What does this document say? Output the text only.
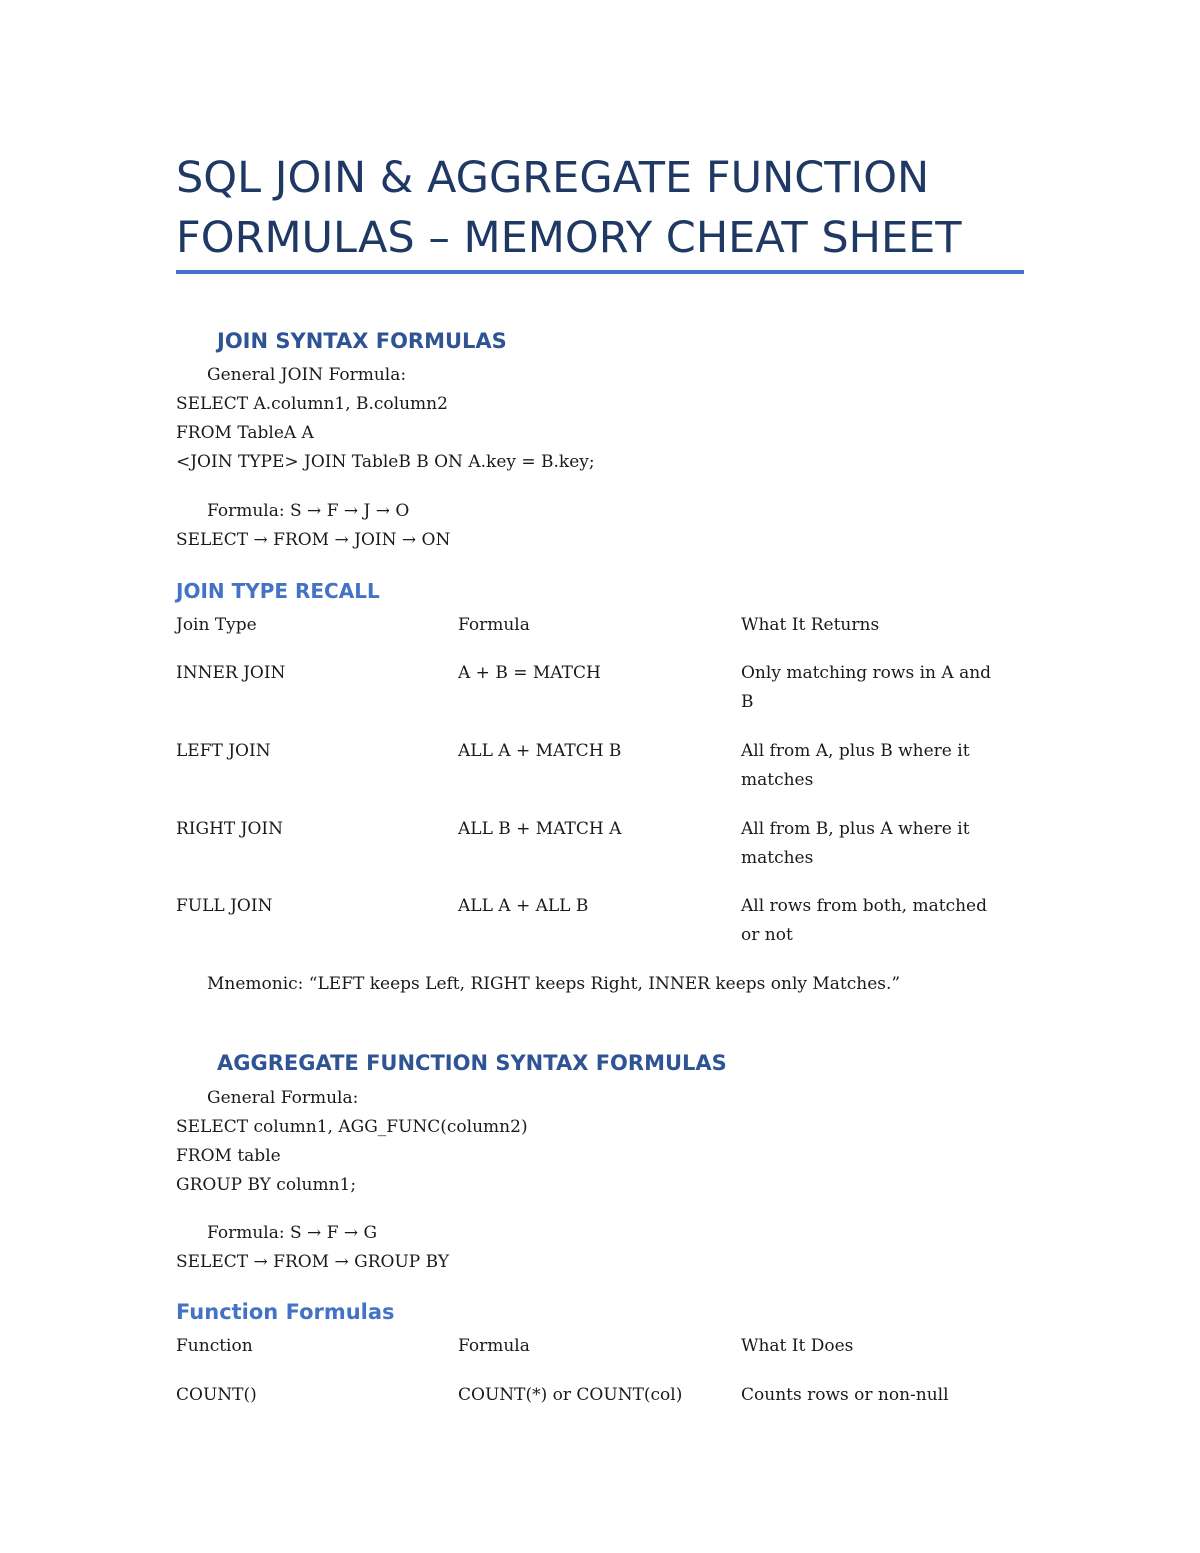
SQL JOIN & AGGREGATE FUNCTION
FORMULAS – MEMORY CHEAT SHEET
JOIN SYNTAX FORMULAS
General JOIN Formula:
SELECT A.column1, B.column2
FROM TableA A
<JOIN TYPE> JOIN TableB B ON A.key = B.key;
Formula: S → F → J → O
SELECT → FROM → JOIN → ON
JOIN TYPE RECALL
Join Type	Formula	What It Returns
INNER JOIN	A + B = MATCH	Only matching rows in A and B
LEFT JOIN	ALL A + MATCH B	All from A, plus B where it matches
RIGHT JOIN	ALL B + MATCH A	All from B, plus A where it matches
FULL JOIN	ALL A + ALL B	All rows from both, matched or not
Mnemonic: “LEFT keeps Left, RIGHT keeps Right, INNER keeps only Matches.”
AGGREGATE FUNCTION SYNTAX FORMULAS
General Formula:
SELECT column1, AGG_FUNC(column2)
FROM table
GROUP BY column1;
Formula: S → F → G
SELECT → FROM → GROUP BY
Function Formulas
Function	Formula	What It Does
COUNT()	COUNT(*) or COUNT(col)	Counts rows or non-null
